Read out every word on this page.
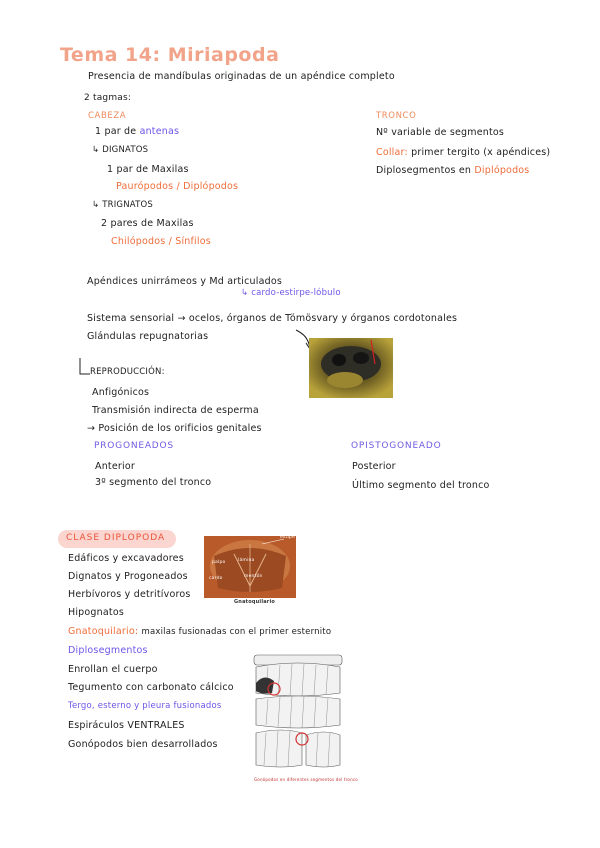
Tema 14: Miriapoda
Presencia de mandíbulas originadas de un apéndice completo
2 tagmas:
CABEZA
1 par de antenas
↳ DIGNATOS
1 par de Maxilas
Paurópodos / Diplópodos
↳ TRIGNATOS
2 pares de Maxilas
Chilópodos / Sínfilos
TRONCO
Nº variable de segmentos
Collar: primer tergito (x apéndices)
Diplosegmentos en Diplópodos
Apéndices unirrámeos y Md articulados
↳ cardo-estirpe-lóbulo
Sistema sensorial → ocelos, órganos de Tömösvary y órganos cordotonales
Glándulas repugnatorias
REPRODUCCIÓN:
Anfigónicos
Transmisión indirecta de esperma
→ Posición de los orificios genitales
PROGONEADOS
Anterior
3º segmento del tronco
OPISTOGONEADO
Posterior
Último segmento del tronco
CLASE DIPLOPODA
Edáficos y excavadores
Dignatos y Progoneados
Herbívoros y detritívoros
Hipognatos
Gnatoquilario: maxilas fusionadas con el primer esternito
Diplosegmentos
Enrollan el cuerpo
Tegumento con carbonato cálcico
Tergo, esterno y pleura fusionados
Espiráculos VENTRALES
Gonópodos bien desarrollados
estipe
lámina
mentón
cardo
palpo
Gnatoquilario
Gonópodos en diferentes segmentos del tronco
